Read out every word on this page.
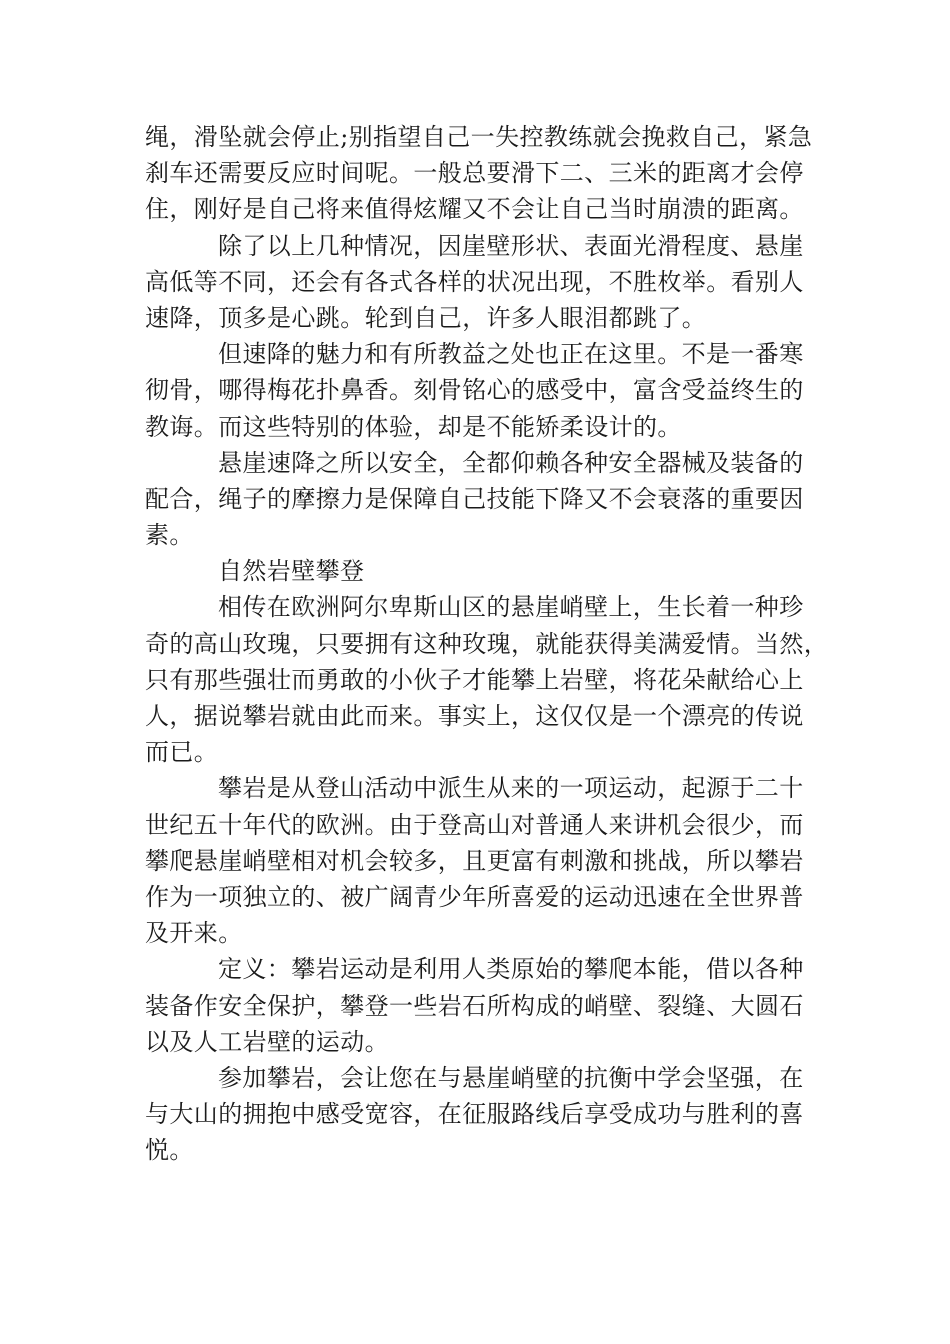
绳，滑坠就会停止;别指望自己一失控教练就会挽救自己，紧急
刹车还需要反应时间呢。一般总要滑下二、三米的距离才会停
住，刚好是自己将来值得炫耀又不会让自己当时崩溃的距离。
除了以上几种情况，因崖壁形状、表面光滑程度、悬崖
高低等不同，还会有各式各样的状况出现，不胜枚举。看别人
速降，顶多是心跳。轮到自己，许多人眼泪都跳了。
但速降的魅力和有所教益之处也正在这里。不是一番寒
彻骨，哪得梅花扑鼻香。刻骨铭心的感受中，富含受益终生的
教诲。而这些特别的体验，却是不能矫柔设计的。
悬崖速降之所以安全，全都仰赖各种安全器械及装备的
配合，绳子的摩擦力是保障自己技能下降又不会衰落的重要因
素。
自然岩壁攀登
相传在欧洲阿尔卑斯山区的悬崖峭壁上，生长着一种珍
奇的高山玫瑰，只要拥有这种玫瑰，就能获得美满爱情。当然，
只有那些强壮而勇敢的小伙子才能攀上岩壁，将花朵献给心上
人，据说攀岩就由此而来。事实上，这仅仅是一个漂亮的传说
而已。
攀岩是从登山活动中派生从来的一项运动，起源于二十
世纪五十年代的欧洲。由于登高山对普通人来讲机会很少，而
攀爬悬崖峭壁相对机会较多，且更富有刺激和挑战，所以攀岩
作为一项独立的、被广阔青少年所喜爱的运动迅速在全世界普
及开来。
定义：攀岩运动是利用人类原始的攀爬本能，借以各种
装备作安全保护，攀登一些岩石所构成的峭壁、裂缝、大圆石
以及人工岩壁的运动。
参加攀岩，会让您在与悬崖峭壁的抗衡中学会坚强，在
与大山的拥抱中感受宽容，在征服路线后享受成功与胜利的喜
悦。
